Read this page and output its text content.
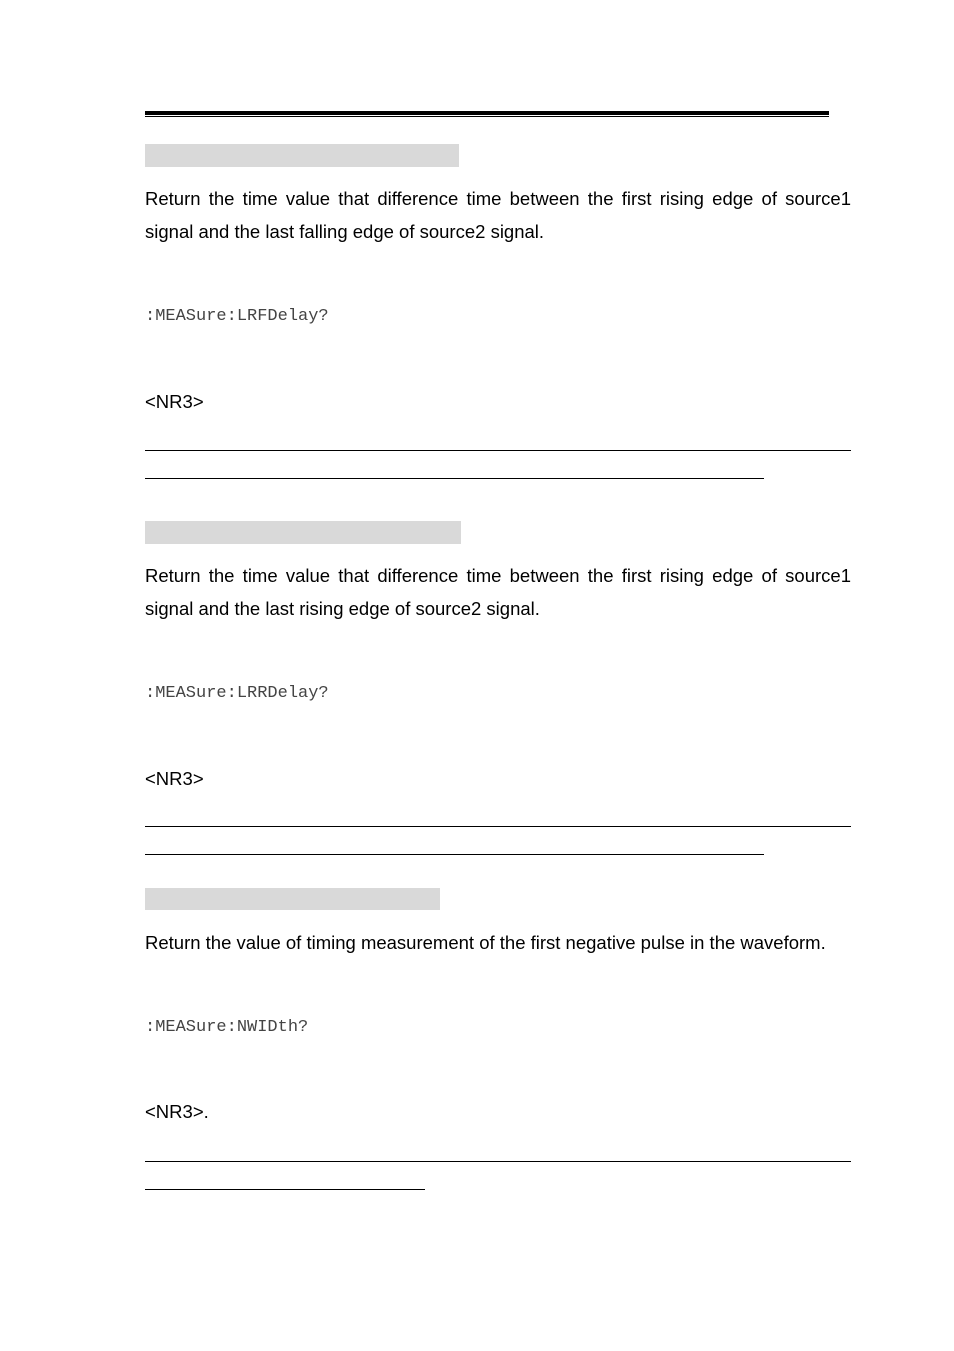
Return the time value that difference time between the first rising edge of source1 signal and the last falling edge of source2 signal.

:MEASure:LRFDelay?

<NR3>

Return the time value that difference time between the first rising edge of source1 signal and the last rising edge of source2 signal.

:MEASure:LRRDelay?

<NR3>

Return the value of timing measurement of the first negative pulse in the waveform.

:MEASure:NWIDth?

<NR3>.
